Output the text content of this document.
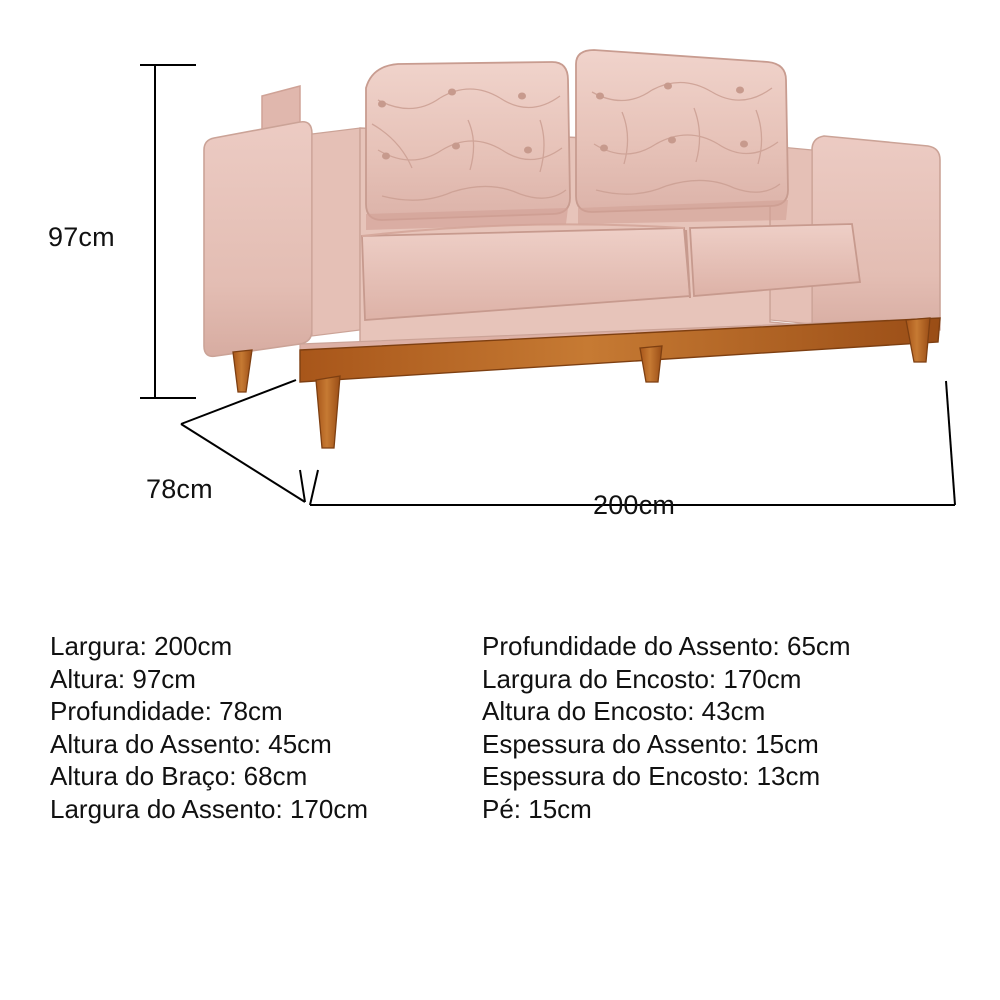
97cm
78cm
200cm
Largura: 200cm
Altura: 97cm
Profundidade: 78cm
Altura do Assento: 45cm
Altura do Braço: 68cm
Largura do Assento: 170cm
Profundidade do Assento: 65cm
Largura do Encosto: 170cm
Altura do Encosto: 43cm
Espessura do Assento: 15cm
Espessura do Encosto: 13cm
Pé: 15cm
